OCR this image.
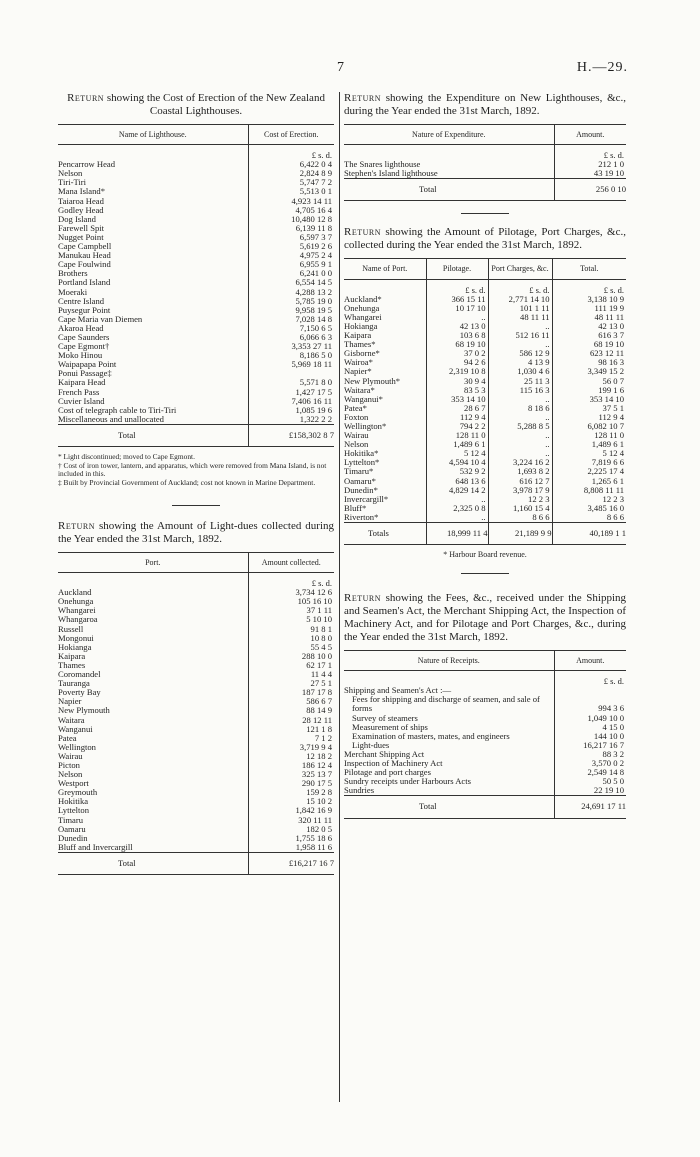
7	H.—29.

Return showing the Cost of Erection of the New Zealand Coastal Lighthouses.

Name of Lighthouse.	Cost of Erection.
	£ s. d.
Pencarrow Head	6,422 0 4
Nelson	2,824 8 9
Tiri-Tiri	5,747 7 2
Mana Island*	5,513 0 1
Taiaroa Head	4,923 14 11
Godley Head	4,705 16 4
Dog Island	10,480 12 8
Farewell Spit	6,139 11 8
Nugget Point	6,597 3 7
Cape Campbell	5,619 2 6
Manukau Head	4,975 2 4
Cape Foulwind	6,955 9 1
Brothers	6,241 0 0
Portland Island	6,554 14 5
Moeraki	4,288 13 2
Centre Island	5,785 19 0
Puysegur Point	9,958 19 5
Cape Maria van Diemen	7,028 14 8
Akaroa Head	7,150 6 5
Cape Saunders	6,066 6 3
Cape Egmont†	3,353 27 11
Moko Hinou	8,186 5 0
Waipapapa Point	5,969 18 11
Ponui Passage‡	
Kaipara Head	5,571 8 0
French Pass	1,427 17 5
Cuvier Island	7,406 16 11
Cost of telegraph cable to Tiri-Tiri	1,085 19 6
Miscellaneous and unallocated	1,322 2 2
Total	£158,302 8 7

* Light discontinued; moved to Cape Egmont.

† Cost of iron tower, lantern, and apparatus, which were removed from Mana Island, is not included in this.

‡ Built by Provincial Government of Auckland; cost not known in Marine Department.

Return showing the Amount of Light-dues collected during the Year ended the 31st March, 1892.

Port.	Amount collected.
	£ s. d.
Auckland	3,734 12 6
Onehunga	105 16 10
Whangarei	37 1 11
Whangaroa	5 10 10
Russell	91 8 1
Mongonui	10 8 0
Hokianga	55 4 5
Kaipara	288 10 0
Thames	62 17 1
Coromandel	11 4 4
Tauranga	27 5 1
Poverty Bay	187 17 8
Napier	586 6 7
New Plymouth	88 14 9
Waitara	28 12 11
Wanganui	121 1 8
Patea	7 1 2
Wellington	3,719 9 4
Wairau	12 18 2
Picton	186 12 4
Nelson	325 13 7
Westport	290 17 5
Greymouth	159 2 8
Hokitika	15 10 2
Lyttelton	1,842 16 9
Timaru	320 11 11
Oamaru	182 0 5
Dunedin	1,755 18 6
Bluff and Invercargill	1,958 11 6
Total	£16,217 16 7

Return showing the Expenditure on New Lighthouses, &c., during the Year ended the 31st March, 1892.

Nature of Expenditure.	Amount.
	£ s. d.
The Snares lighthouse	212 1 0
Stephen's Island lighthouse	43 19 10
Total	256 0 10

Return showing the Amount of Pilotage, Port Charges, &c., collected during the Year ended the 31st March, 1892.

Name of Port.	Pilotage.	Port Charges, &c.	Total.
	£ s. d.	£ s. d.	£ s. d.
Auckland*	366 15 11	2,771 14 10	3,138 10 9
Onehunga	10 17 10	101 1 11	111 19 9
Whangarei	..	48 11 11	48 11 11
Hokianga	42 13 0	..	42 13 0
Kaipara	103 6 8	512 16 11	616 3 7
Thames*	68 19 10	..	68 19 10
Gisborne*	37 0 2	586 12 9	623 12 11
Wairoa*	94 2 6	4 13 9	98 16 3
Napier*	2,319 10 8	1,030 4 6	3,349 15 2
New Plymouth*	30 9 4	25 11 3	56 0 7
Waitara*	83 5 3	115 16 3	199 1 6
Wanganui*	353 14 10	..	353 14 10
Patea*	28 6 7	8 18 6	37 5 1
Foxton	112 9 4	..	112 9 4
Wellington*	794 2 2	5,288 8 5	6,082 10 7
Wairau	128 11 0	..	128 11 0
Nelson	1,489 6 1	..	1,489 6 1
Hokitika*	5 12 4	..	5 12 4
Lyttelton*	4,594 10 4	3,224 16 2	7,819 6 6
Timaru*	532 9 2	1,693 8 2	2,225 17 4
Oamaru*	648 13 6	616 12 7	1,265 6 1
Dunedin*	4,829 14 2	3,978 17 9	8,808 11 11
Invercargill*	..	12 2 3	12 2 3
Bluff*	2,325 0 8	1,160 15 4	3,485 16 0
Riverton*	..	8 6 6	8 6 6
Totals	18,999 11 4	21,189 9 9	40,189 1 1
* Harbour Board revenue.

Return showing the Fees, &c., received under the Shipping and Seamen's Act, the Merchant Shipping Act, the Inspection of Machinery Act, and for Pilotage and Port Charges, &c., during the Year ended the 31st March, 1892.

Nature of Receipts.	Amount.
	£ s. d.
Shipping and Seamen's Act :—	
Fees for shipping and discharge of seamen, and sale of forms	994 3 6
Survey of steamers	1,049 10 0
Measurement of ships	4 15 0
Examination of masters, mates, and engineers	144 10 0
Light-dues	16,217 16 7
Merchant Shipping Act	88 3 2
Inspection of Machinery Act	3,570 0 2
Pilotage and port charges	2,549 14 8
Sundry receipts under Harbours Acts	50 5 0
Sundries	22 19 10
Total	24,691 17 11
